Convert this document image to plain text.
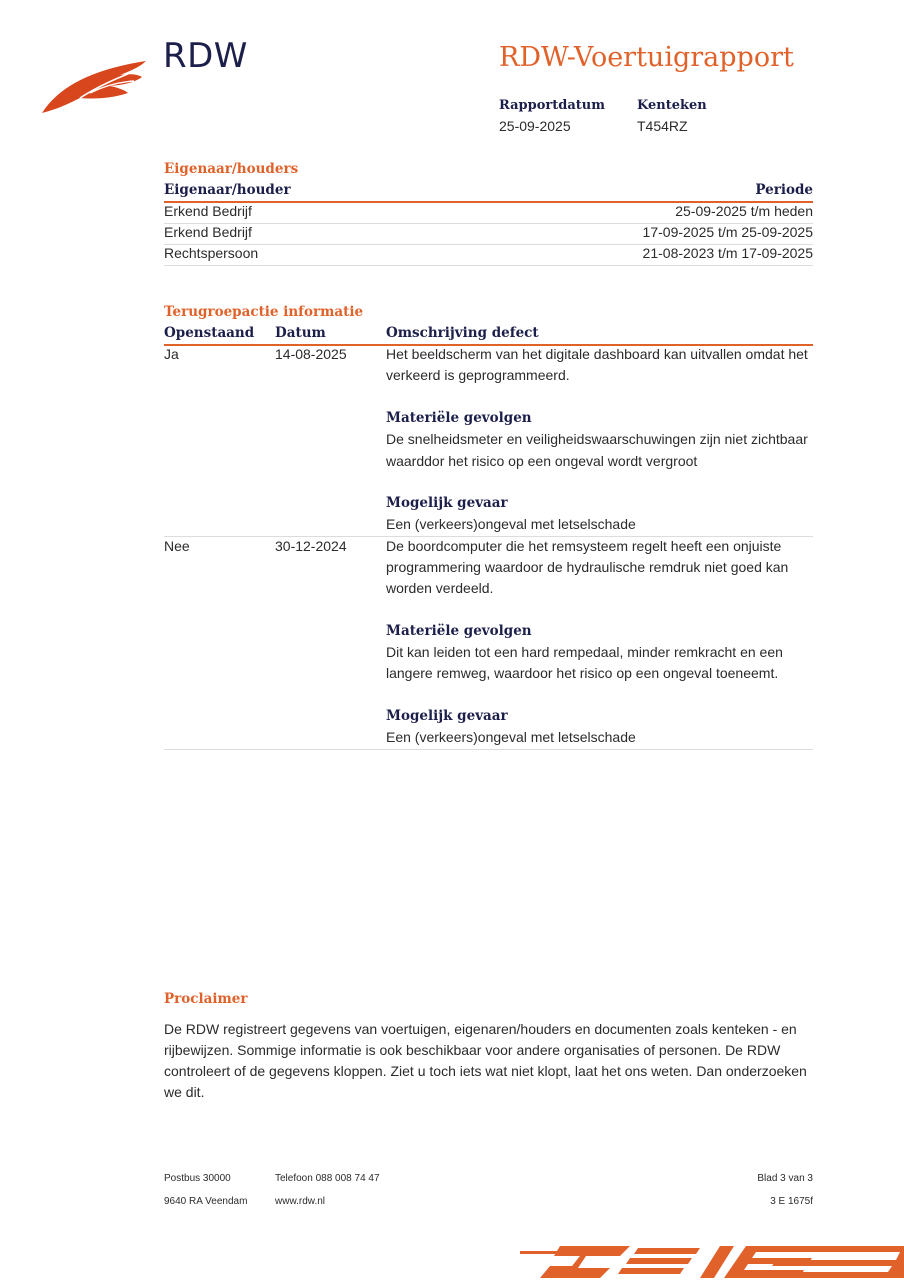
RDW	RDW-Voertuigrapport
Rapportdatum
25-09-2025
Kenteken
T454RZ
Eigenaar/houders
Eigenaar/houder	Periode
Erkend Bedrijf	25-09-2025 t/m heden
Erkend Bedrijf	17-09-2025 t/m 25-09-2025
Rechtspersoon	21-08-2023 t/m 17-09-2025
Terugroepactie informatie
Openstaand Datum	Omschrijving defect
Ja	14-08-2025	Het beeldscherm van het digitale dashboard kan uitvallen omdat het
verkeerd is geprogrammeerd.
Materiële gevolgen
De snelheidsmeter en veiligheidswaarschuwingen zijn niet zichtbaar
waarddor het risico op een ongeval wordt vergroot
Mogelijk gevaar
Een (verkeers)ongeval met letselschade
Nee	30-12-2024	De boordcomputer die het remsysteem regelt heeft een onjuiste
programmering waardoor de hydraulische remdruk niet goed kan
worden verdeeld.
Materiële gevolgen
Dit kan leiden tot een hard rempedaal, minder remkracht en een
langere remweg, waardoor het risico op een ongeval toeneemt.
Mogelijk gevaar
Een (verkeers)ongeval met letselschade
Proclaimer
De RDW registreert gegevens van voertuigen, eigenaren/houders en documenten zoals kenteken - en
rijbewijzen. Sommige informatie is ook beschikbaar voor andere organisaties of personen. De RDW
controleert of de gegevens kloppen. Ziet u toch iets wat niet klopt, laat het ons weten. Dan onderzoeken
we dit.
Postbus 30000
9640 RA Veendam
Telefoon 088 008 74 47
www.rdw.nl
Blad 3 van 3
3 E 1675f
